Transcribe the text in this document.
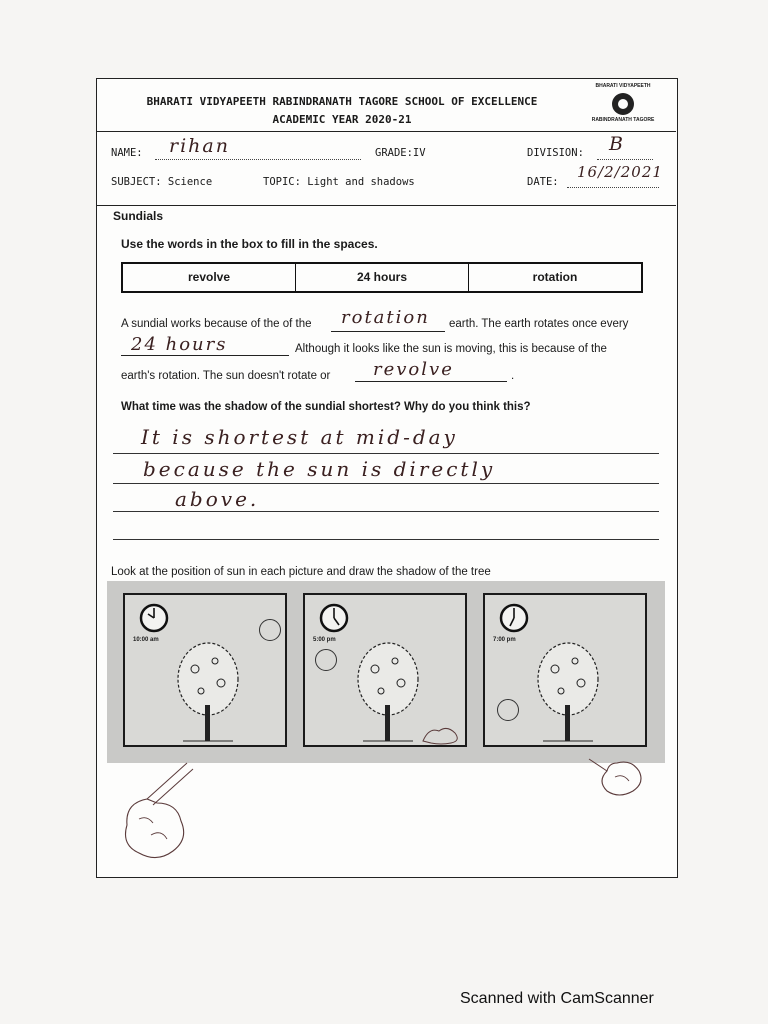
BHARATI VIDYAPEETH RABINDRANATH TAGORE SCHOOL OF EXCELLENCE
ACADEMIC YEAR 2020-21
BHARATI VIDYAPEETH
RABINDRANATH TAGORE
NAME: rihan	GRADE:IV	DIVISION: B
SUBJECT: Science	TOPIC: Light and shadows	DATE:
16/2/2021
Sundials
Use the words in the box to fill in the spaces.
revolve	24 hours	rotation
A sundial works because of the of the rotation earth. The earth rotates once every
24 hours	Although it looks like the sun is moving, this is because of the
earth's rotation. The sun doesn't rotate or revolve	.
What time was the shadow of the sundial shortest? Why do you think this?
It is shortest at mid-day
because the sun is directly
above.
Look at the position of sun in each picture and draw the shadow of the tree
10:00 am	5:00 pm	7:00 pm
Scanned with CamScanner
